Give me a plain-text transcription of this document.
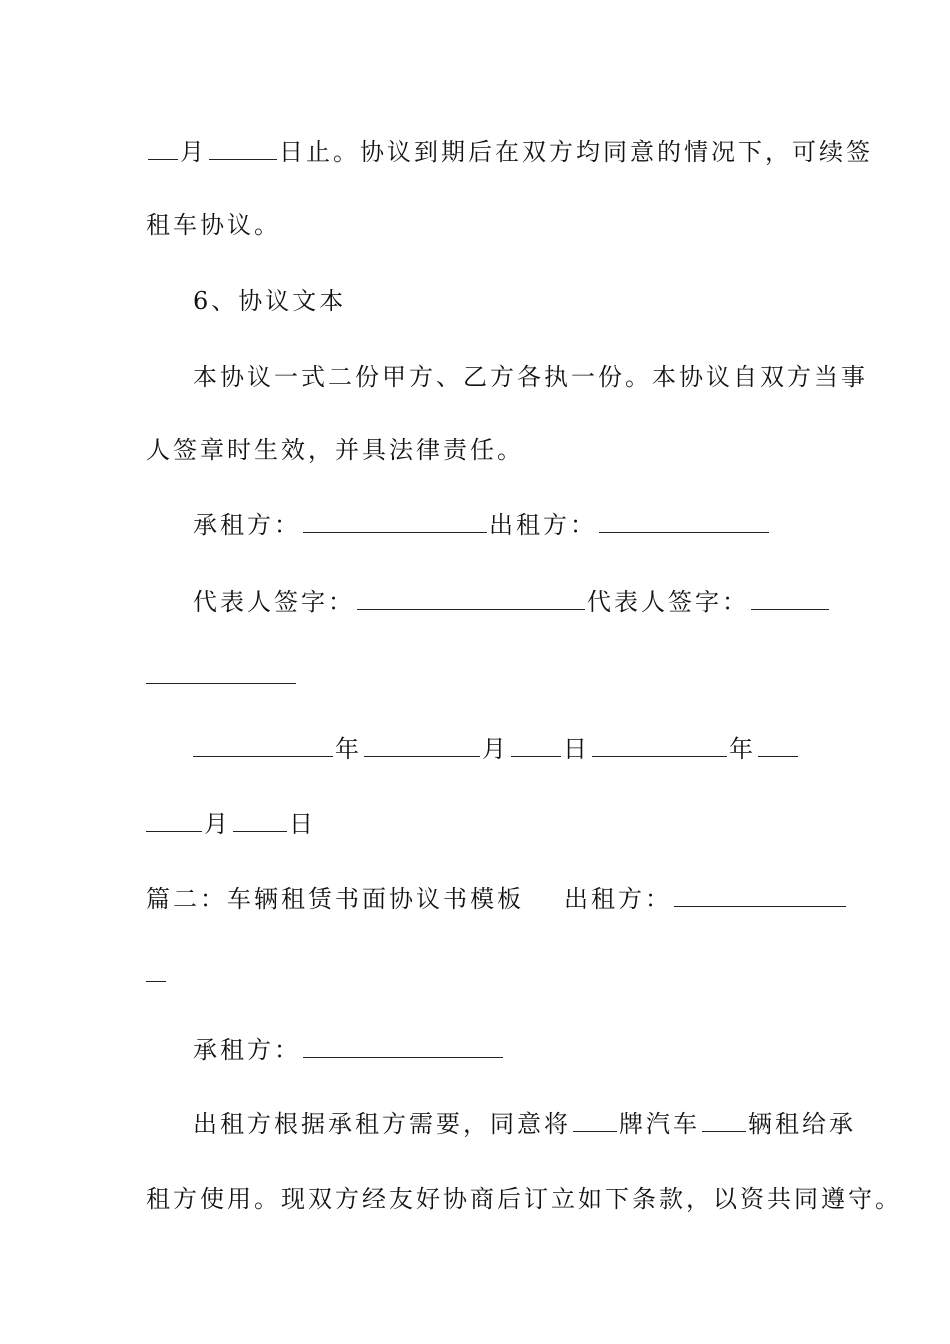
月	日止。协议到期后在双方均同意的情况下，可续签
租车协议。
6、协议文本
本协议一式二份甲方、乙方各执一份。本协议自双方当事
人签章时生效，并具法律责任。
承租方：	出租方：
代表人签字：	代表人签字：
年	月 日	年
月 日
篇二：车辆租赁书面协议书模板 出租方：
承租方：
出租方根据承租方需要，同意将 牌汽车 辆租给承
租方使用。现双方经友好协商后订立如下条款，以资共同遵守。
